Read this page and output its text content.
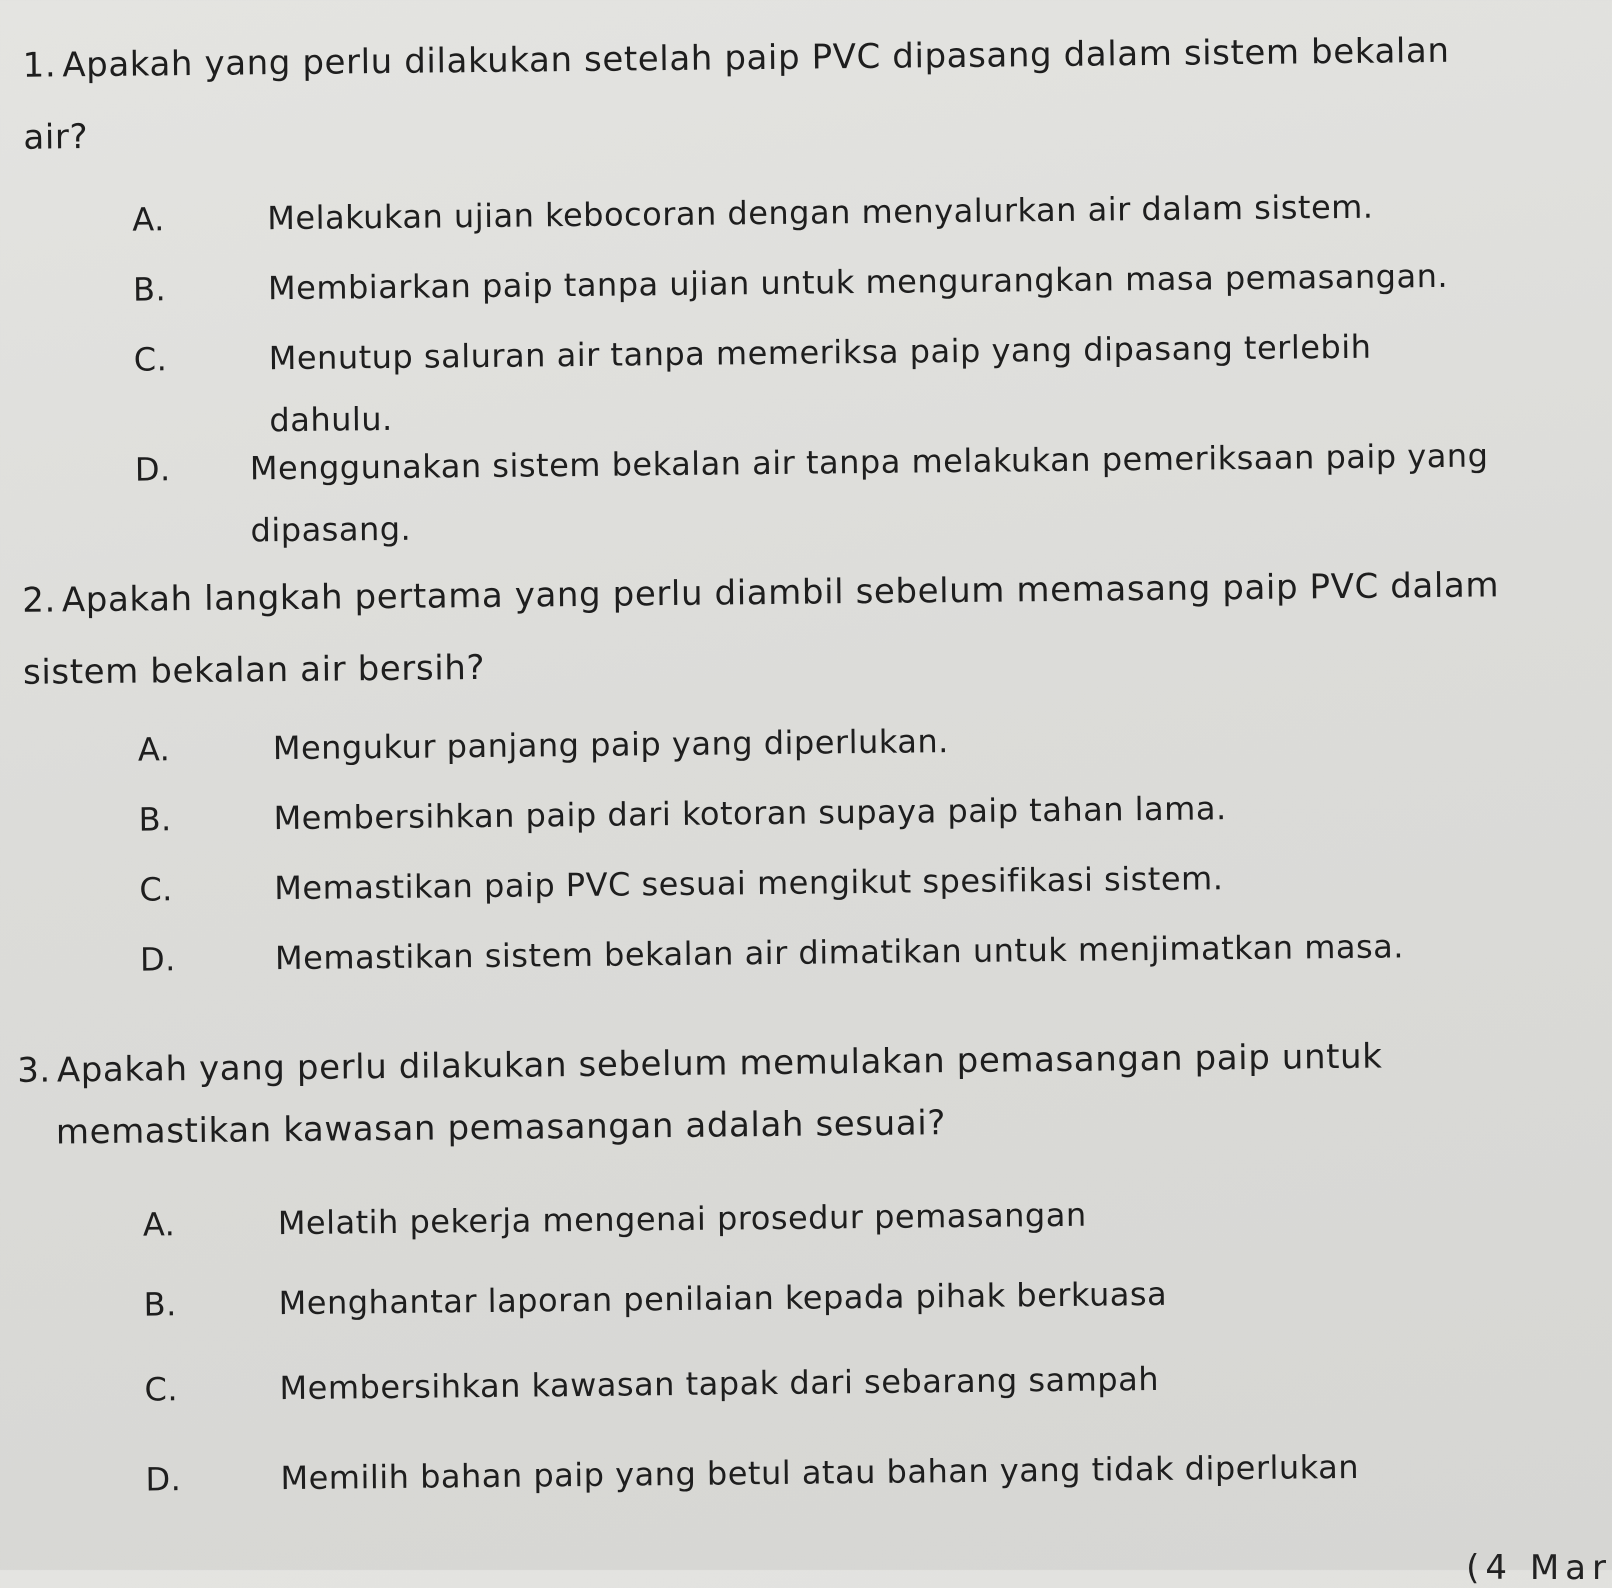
1. Apakah yang perlu dilakukan setelah paip PVC dipasang dalam sistem bekalan
air?
A.	Melakukan ujian kebocoran dengan menyalurkan air dalam sistem.
B.	Membiarkan paip tanpa ujian untuk mengurangkan masa pemasangan.
C.	Menutup saluran air tanpa memeriksa paip yang dipasang terlebih dahulu.
D.	Menggunakan sistem bekalan air tanpa melakukan pemeriksaan paip yang dipasang.
2. Apakah langkah pertama yang perlu diambil sebelum memasang paip PVC dalam
sistem bekalan air bersih?
A.	Mengukur panjang paip yang diperlukan.
B.	Membersihkan paip dari kotoran supaya paip tahan lama.
C.	Memastikan paip PVC sesuai mengikut spesifikasi sistem.
D.	Memastikan sistem bekalan air dimatikan untuk menjimatkan masa.
3. Apakah yang perlu dilakukan sebelum memulakan pemasangan paip untuk
memastikan kawasan pemasangan adalah sesuai?
A.	Melatih pekerja mengenai prosedur pemasangan
B.	Menghantar laporan penilaian kepada pihak berkuasa
C.	Membersihkan kawasan tapak dari sebarang sampah
D.	Memilih bahan paip yang betul atau bahan yang tidak diperlukan
(4 Mar
